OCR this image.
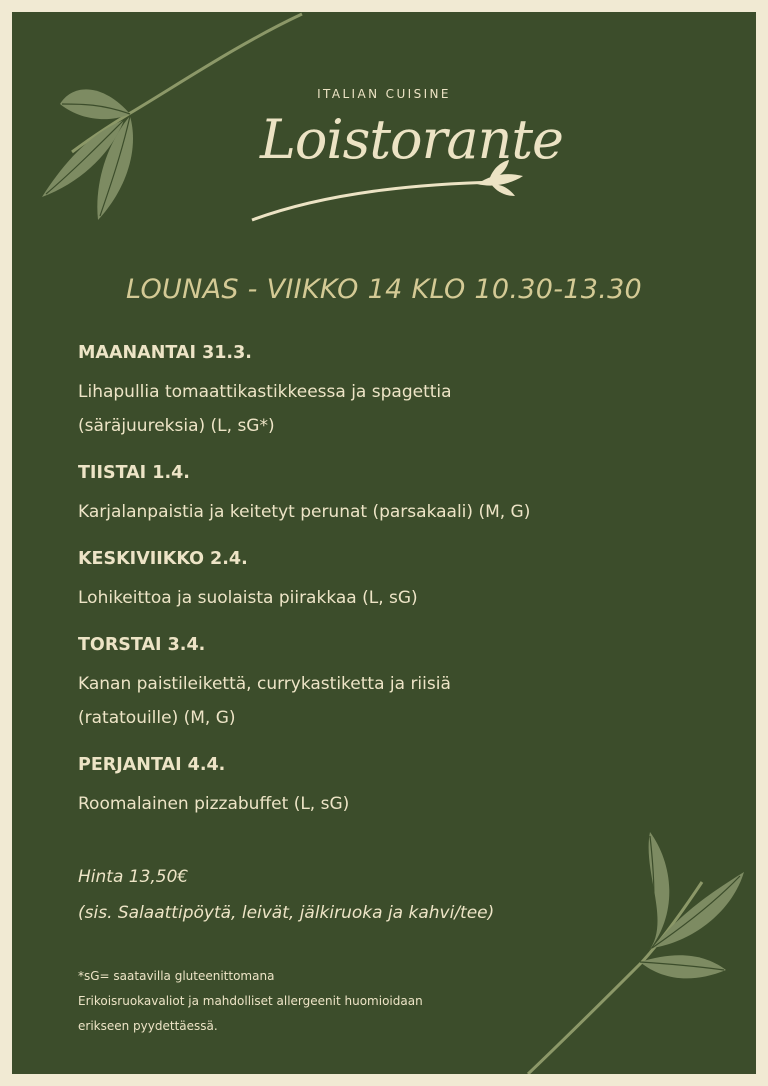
ITALIAN CUISINE
Loistorante
LOUNAS - VIIKKO 14 KLO 10.30-13.30
MAANANTAI 31.3.
Lihapullia tomaattikastikkeessa ja spagettia
(säräjuureksia) (L, sG*)
TIISTAI 1.4.
Karjalanpaistia ja keitetyt perunat (parsakaali) (M, G)
KESKIVIIKKO 2.4.
Lohikeittoa ja suolaista piirakkaa (L, sG)
TORSTAI 3.4.
Kanan paistileikettä, currykastiketta ja riisiä
(ratatouille) (M, G)
PERJANTAI 4.4.
Roomalainen pizzabuffet (L, sG)
Hinta 13,50€
(sis. Salaattipöytä, leivät, jälkiruoka ja kahvi/tee)
*sG= saatavilla gluteenittomana
Erikoisruokavaliot ja mahdolliset allergeenit huomioidaan
erikseen pyydettäessä.
